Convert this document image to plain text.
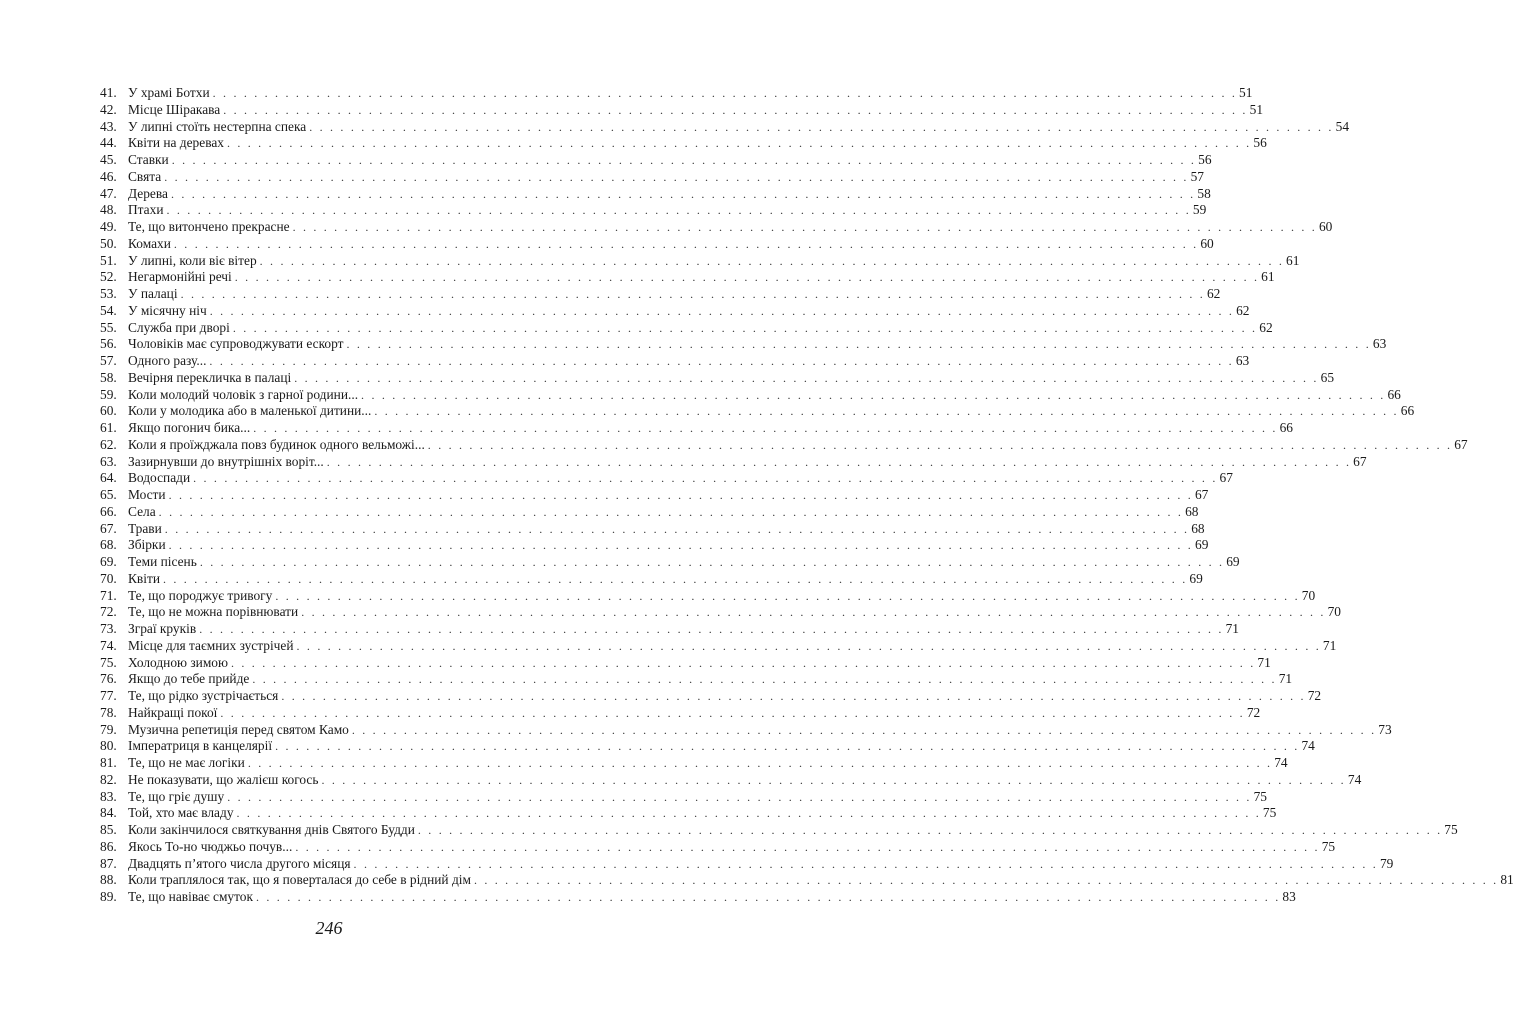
41. У храмі Ботхи . . .	51
42. Місце Шіракава . . .	51
43. У липні стоїть нестерпна спека . . .	54
44. Квіти на деревах . . .	56
45. Ставки . . .	56
46. Свята . . .	57
47. Дерева . . .	58
48. Птахи . . .	59
49. Те, що витончено прекрасне . . .	60
50. Комахи . . .	60
51. У липні, коли віє вітер . . .	61
52. Негармонійні речі . . .	61
53. У палаці . . .	62
54. У місячну ніч . . .	62
55. Служба при дворі . . .	62
56. Чоловіків має супроводжувати ескорт . . .	63
57. Одного разу... . . .	63
58. Вечірня перекличка в палаці . . .	65
59. Коли молодий чоловік з гарної родини... . . .	66
60. Коли у молодика або в маленької дитини... . . .	66
61. Якщо погонич бика... . . .	66
62. Коли я проїжджала повз будинок одного вельможі... . . .	67
63. Зазирнувши до внутрішніх воріт... . . .	67
64. Водоспади . . .	67
65. Мости . . .	67
66. Села . . .	68
67. Трави . . .	68
68. Збірки . . .	69
69. Теми пісень . . .	69
70. Квіти . . .	69
71. Те, що породжує тривогу . . .	70
72. Те, що не можна порівнювати . . .	70
73. Зграї круків . . .	71
74. Місце для таємних зустрічей . . .	71
75. Холодною зимою . . .	71
76. Якщо до тебе прийде . . .	71
77. Те, що рідко зустрічається . . .	72
78. Найкращі покої . . .	72
79. Музична репетиція перед святом Камо . . .	73
80. Імператриця в канцелярії . . .	74
81. Те, що не має логіки . . .	74
82. Не показувати, що жалієш когось . . .	74
83. Те, що гріє душу . . .	75
84. Той, хто має владу . . .	75
85. Коли закінчилося святкування днів Святого Будди . . .	75
86. Якось То-но чюджьо почув... . . .	75
87. Двадцять п’ятого числа другого місяця . . .	79
88. Коли траплялося так, що я поверталася до себе в рідний дім . . .	81
89. Те, що навіває смуток . . .	83
246
